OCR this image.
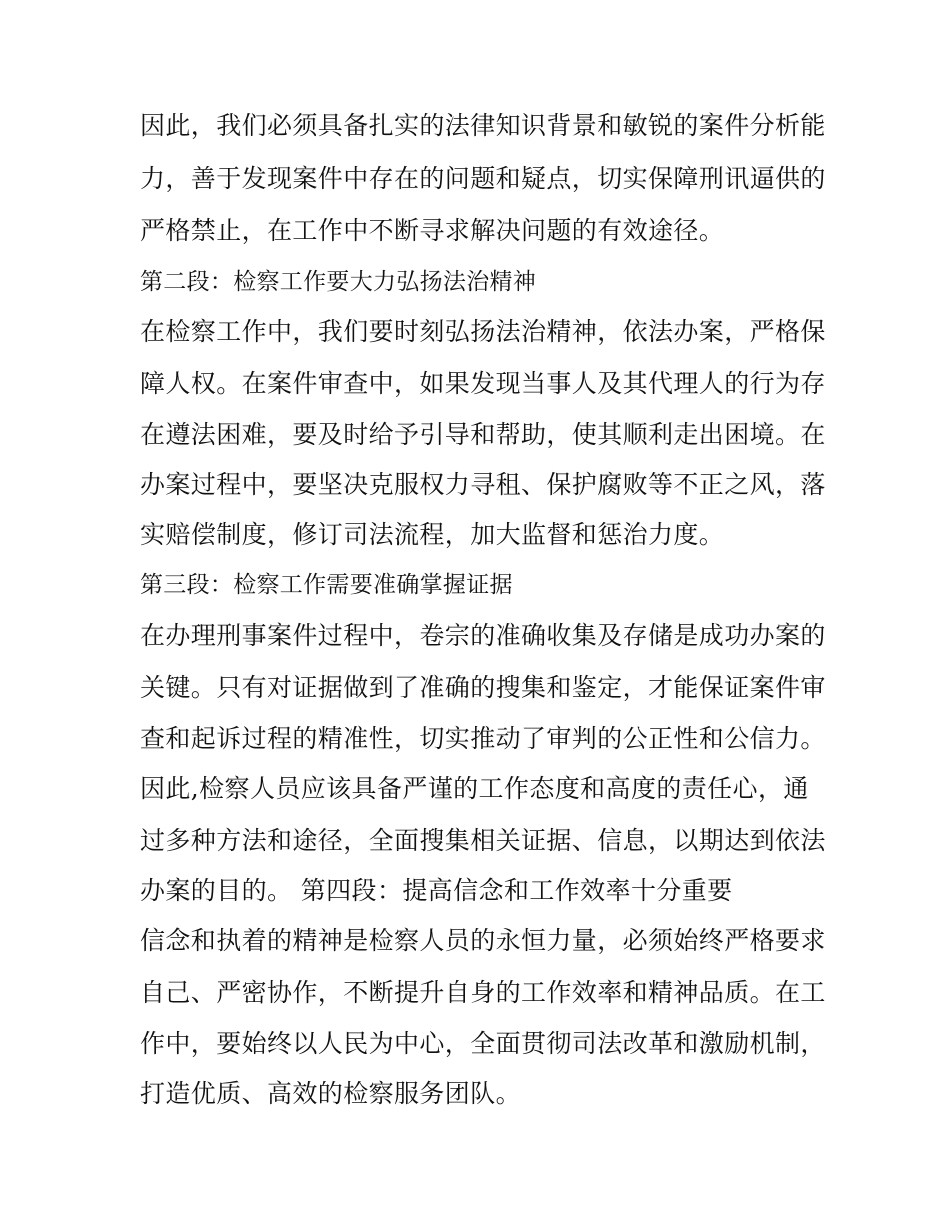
因此，我们必须具备扎实的法律知识背景和敏锐的案件分析能
力，善于发现案件中存在的问题和疑点，切实保障刑讯逼供的
严格禁止，在工作中不断寻求解决问题的有效途径。
第二段：检察工作要大力弘扬法治精神
在检察工作中，我们要时刻弘扬法治精神，依法办案，严格保
障人权。在案件审查中，如果发现当事人及其代理人的行为存
在遵法困难，要及时给予引导和帮助，使其顺利走出困境。在
办案过程中，要坚决克服权力寻租、保护腐败等不正之风，落
实赔偿制度，修订司法流程，加大监督和惩治力度。
第三段：检察工作需要准确掌握证据
在办理刑事案件过程中，卷宗的准确收集及存储是成功办案的
关键。只有对证据做到了准确的搜集和鉴定，才能保证案件审
查和起诉过程的精准性，切实推动了审判的公正性和公信力。
因此,检察人员应该具备严谨的工作态度和高度的责任心，通
过多种方法和途径，全面搜集相关证据、信息，以期达到依法
办案的目的。 第四段：提高信念和工作效率十分重要
信念和执着的精神是检察人员的永恒力量，必须始终严格要求
自己、严密协作，不断提升自身的工作效率和精神品质。在工
作中，要始终以人民为中心，全面贯彻司法改革和激励机制，
打造优质、高效的检察服务团队。
